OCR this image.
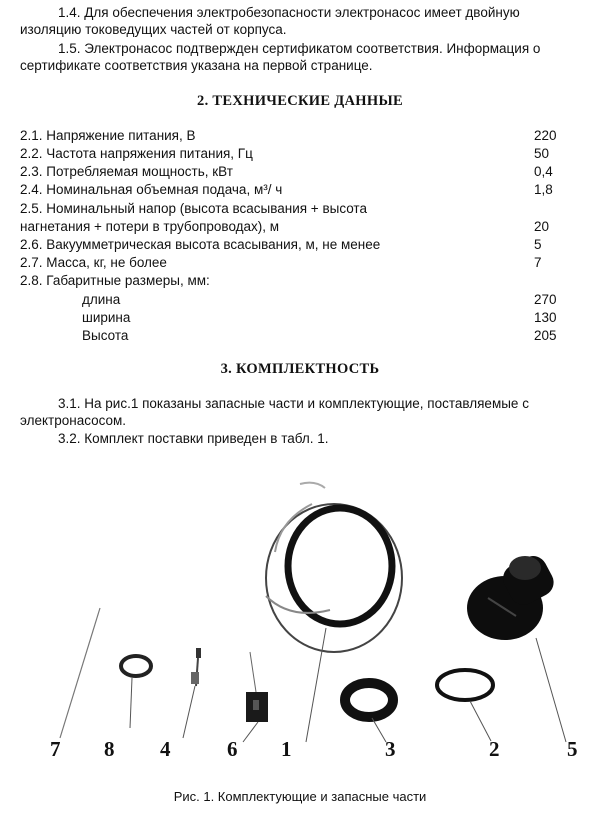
1.4. Для обеспечения электробезопасности электронасос имеет двойную
изоляцию токоведущих частей от корпуса.
1.5. Электронасос подтвержден сертификатом соответствия. Информация о
сертификате соответствия указана на первой странице.
2. ТЕХНИЧЕСКИЕ ДАННЫЕ
2.1. Напряжение питания, В	220
2.2. Частота напряжения питания, Гц	50
2.3. Потребляемая мощность, кВт	0,4
2.4. Номинальная объемная подача, м³/ ч	1,8
2.5. Номинальный напор (высота всасывания + высота
нагнетания + потери в трубопроводах), м	20
2.6. Вакуумметрическая высота всасывания, м, не менее	5
2.7. Масса, кг, не более	7
2.8. Габаритные размеры, мм:
длина	270
ширина	130
Высота	205
3. КОМПЛЕКТНОСТЬ
3.1. На рис.1 показаны запасные части и комплектующие, поставляемые с
электронасосом.
3.2. Комплект поставки приведен в табл. 1.
7 8 4	6 1	3	2	5
Рис. 1. Комплектующие и запасные части
